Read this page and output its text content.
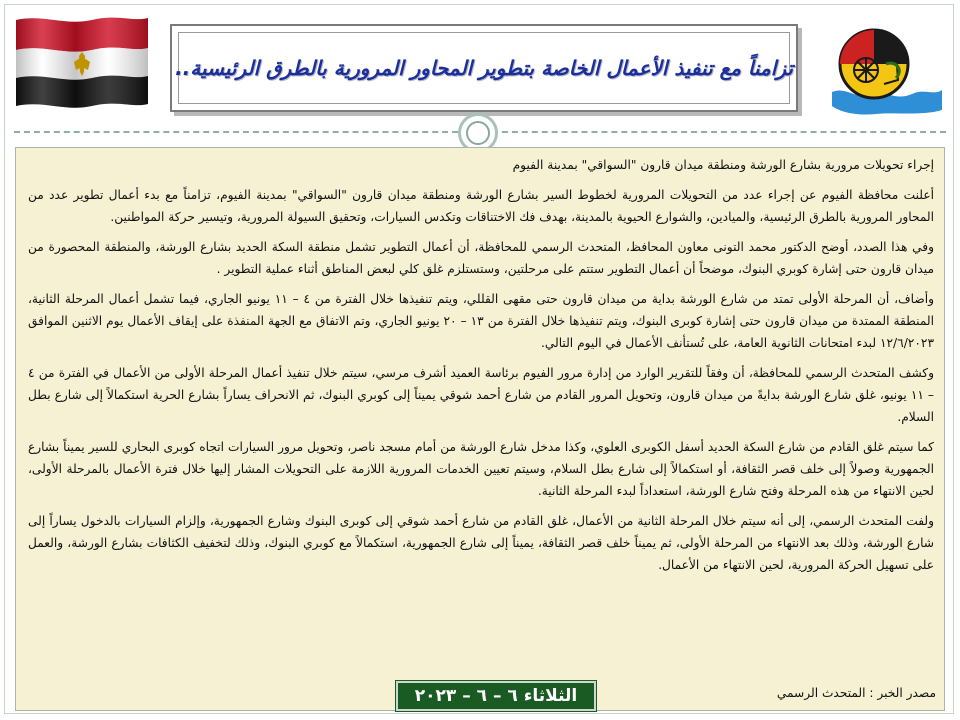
تزامناً مع تنفيذ الأعمال الخاصة بتطوير المحاور المرورية بالطرق الرئيسية..

إجراء تحويلات مرورية بشارع الورشة ومنطقة ميدان قارون "السواقي" بمدينة الفيوم

أعلنت محافظة الفيوم عن إجراء عدد من التحويلات المرورية لخطوط السير بشارع الورشة ومنطقة ميدان قارون "السواقي" بمدينة الفيوم، تزامناً مع بدء أعمال تطوير عدد من المحاور المرورية بالطرق الرئيسية، والميادين، والشوارع الحيوية بالمدينة، بهدف فك الاختناقات وتكدس السيارات، وتحقيق السيولة المرورية، وتيسير حركة المواطنين.

وفي هذا الصدد، أوضح الدكتور محمد التونى معاون المحافظ، المتحدث الرسمي للمحافظة، أن أعمال التطوير تشمل منطقة السكة الحديد بشارع الورشة، والمنطقة المحصورة من ميدان قارون حتى إشارة كوبري البنوك، موضحاً أن أعمال التطوير ستتم على مرحلتين، وستستلزم غلق كلي لبعض المناطق أثناء عملية التطوير .

وأضاف، أن المرحلة الأولى تمتد من شارع الورشة بداية من ميدان قارون حتى مقهى القللي، ويتم تنفيذها خلال الفترة من ٤ – ١١ يونيو الجاري، فيما تشمل أعمال المرحلة الثانية، المنطقة الممتدة من ميدان قارون حتى إشارة كوبرى البنوك، ويتم تنفيذها خلال الفترة من ١٣ – ٢٠ يونيو الجاري، وتم الاتفاق مع الجهة المنفذة على إيقاف الأعمال يوم الاثنين الموافق ١٢/٦/٢٠٢٣ لبدء امتحانات الثانوية العامة، على تُستأنف الأعمال في اليوم التالي.

وكشف المتحدث الرسمي للمحافظة، أن وفقاً للتقرير الوارد من إدارة مرور الفيوم برئاسة العميد أشرف مرسي، سيتم خلال تنفيذ أعمال المرحلة الأولى من الأعمال في الفترة من ٤ – ١١ يونيو، غلق شارع الورشة بدايةً من ميدان قارون، وتحويل المرور القادم من شارع أحمد شوقي يميناً إلى كوبري البنوك، ثم الانحراف يساراً بشارع الحرية استكمالاً إلى شارع بطل السلام.

كما سيتم غلق القادم من شارع السكة الحديد أسفل الكوبرى العلوي، وكذا مدخل شارع الورشة من أمام مسجد ناصر، وتحويل مرور السيارات اتجاه كوبرى البحاري للسير يميناً بشارع الجمهورية وصولاً إلى خلف قصر الثقافة، أو استكمالاً إلى شارع بطل السلام، وسيتم تعيين الخدمات المرورية اللازمة على التحويلات المشار إليها خلال فترة الأعمال بالمرحلة الأولى، لحين الانتهاء من هذه المرحلة وفتح شارع الورشة، استعداداً لبدء المرحلة الثانية.

ولفت المتحدث الرسمي، إلى أنه سيتم خلال المرحلة الثانية من الأعمال، غلق القادم من شارع أحمد شوقي إلى كوبرى البنوك وشارع الجمهورية، وإلزام السيارات بالدخول يساراً إلى شارع الورشة، وذلك بعد الانتهاء من المرحلة الأولى، ثم يميناً خلف قصر الثقافة، يميناً إلى شارع الجمهورية، استكمالاً مع كوبري البنوك، وذلك لتخفيف الكثافات بشارع الورشة، والعمل على تسهيل الحركة المرورية، لحين الانتهاء من الأعمال.

الثلاثاء ٦ – ٦ – ٢٠٢٣	مصدر الخبر : المتحدث الرسمي
